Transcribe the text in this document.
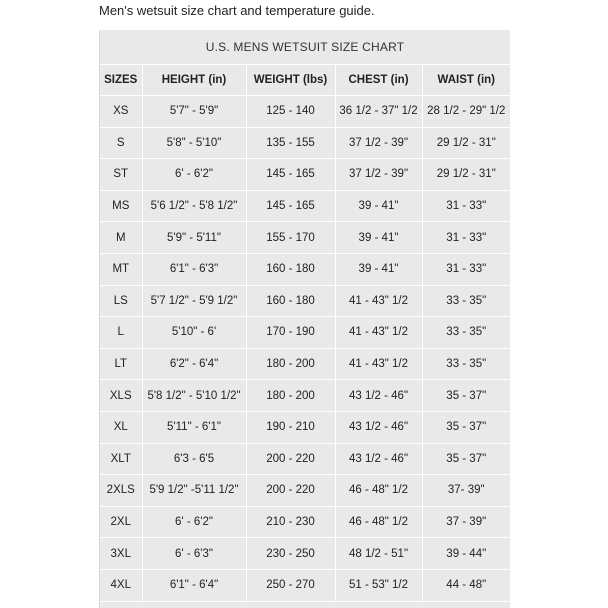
Men's wetsuit size chart and temperature guide.
U.S. MENS WETSUIT SIZE CHART
SIZES	HEIGHT (in)	WEIGHT (lbs)	CHEST (in)	WAIST (in)
XS	5'7" - 5'9"	125 - 140	36 1/2 - 37" 1/2	28 1/2 - 29" 1/2
S	5'8" - 5'10"	135 - 155	37 1/2 - 39"	29 1/2 - 31"
ST	6' - 6'2"	145 - 165	37 1/2 - 39"	29 1/2 - 31"
MS	5'6 1/2" - 5'8 1/2"	145 - 165	39 - 41"	31 - 33"
M	5'9" - 5'11"	155 - 170	39 - 41"	31 - 33"
MT	6'1" - 6'3"	160 - 180	39 - 41"	31 - 33"
LS	5'7 1/2" - 5'9 1/2"	160 - 180	41 - 43" 1/2	33 - 35"
L	5'10" - 6'	170 - 190	41 - 43" 1/2	33 - 35"
LT	6'2" - 6'4"	180 - 200	41 - 43" 1/2	33 - 35"
XLS	5'8 1/2" - 5'10 1/2"	180 - 200	43 1/2 - 46"	35 - 37"
XL	5'11" - 6'1"	190 - 210	43 1/2 - 46"	35 - 37"
XLT	6'3 - 6'5	200 - 220	43 1/2 - 46"	35 - 37"
2XLS	5'9 1/2" -5'11 1/2"	200 - 220	46 - 48" 1/2	37- 39"
2XL	6' - 6'2"	210 - 230	46 - 48" 1/2	37 - 39"
3XL	6' - 6'3"	230 - 250	48 1/2 - 51"	39 - 44"
4XL	6'1" - 6'4"	250 - 270	51 - 53" 1/2	44 - 48"
